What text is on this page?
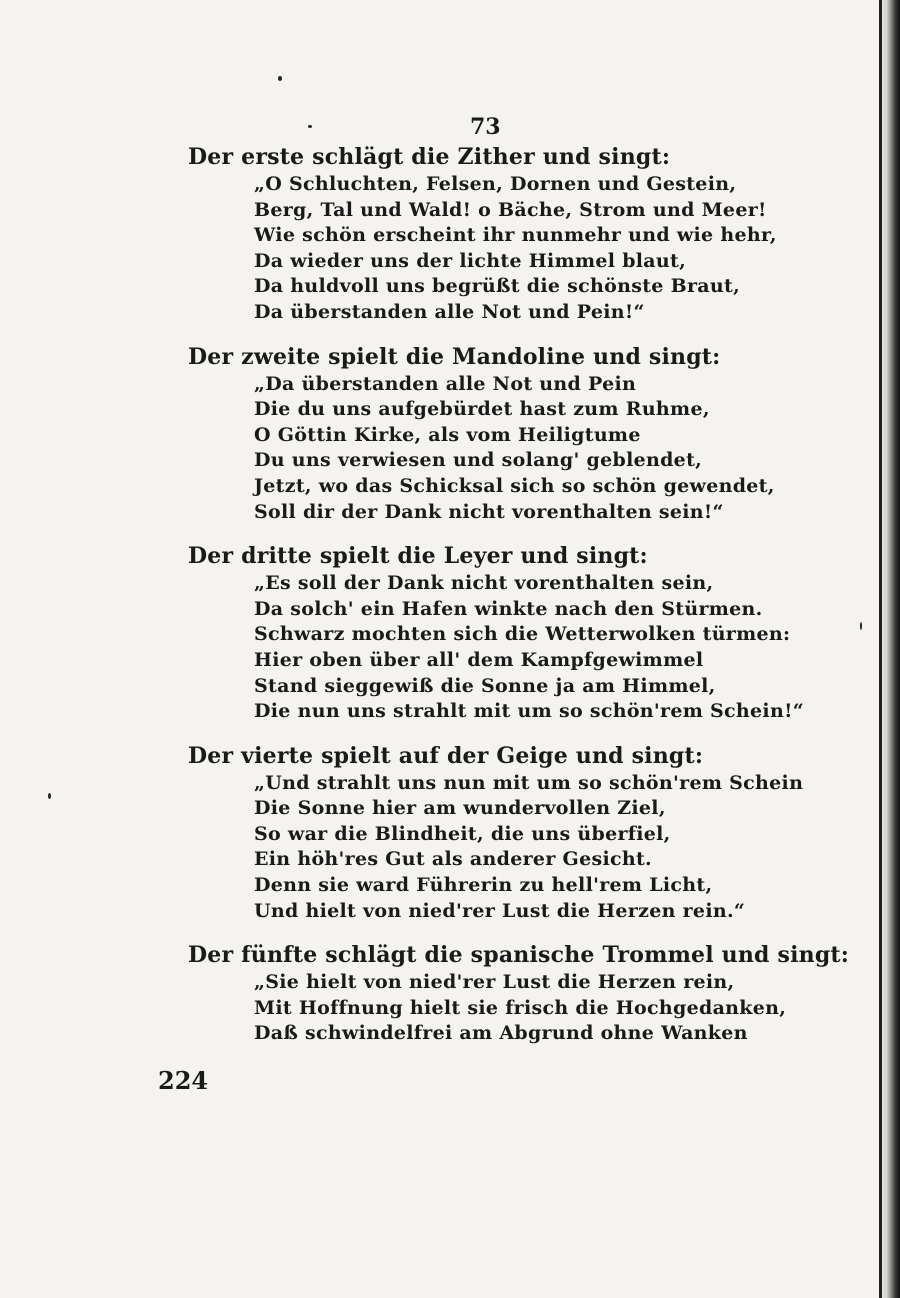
73
Der erste schlägt die Zither und singt:
„O Schluchten, Felsen, Dornen und Gestein,
Berg, Tal und Wald! o Bäche, Strom und Meer!
Wie schön erscheint ihr nunmehr und wie hehr,
Da wieder uns der lichte Himmel blaut,
Da huldvoll uns begrüßt die schönste Braut,
Da überstanden alle Not und Pein!“
Der zweite spielt die Mandoline und singt:
„Da überstanden alle Not und Pein
Die du uns aufgebürdet hast zum Ruhme,
O Göttin Kirke, als vom Heiligtume
Du uns verwiesen und solang' geblendet,
Jetzt, wo das Schicksal sich so schön gewendet,
Soll dir der Dank nicht vorenthalten sein!“
Der dritte spielt die Leyer und singt:
„Es soll der Dank nicht vorenthalten sein,
Da solch' ein Hafen winkte nach den Stürmen.
Schwarz mochten sich die Wetterwolken türmen:
Hier oben über all' dem Kampfgewimmel
Stand sieggewiß die Sonne ja am Himmel,
Die nun uns strahlt mit um so schön'rem Schein!“
Der vierte spielt auf der Geige und singt:
„Und strahlt uns nun mit um so schön'rem Schein
Die Sonne hier am wundervollen Ziel,
So war die Blindheit, die uns überfiel,
Ein höh'res Gut als anderer Gesicht.
Denn sie ward Führerin zu hell'rem Licht,
Und hielt von nied'rer Lust die Herzen rein.“
Der fünfte schlägt die spanische Trommel und singt:
„Sie hielt von nied'rer Lust die Herzen rein,
Mit Hoffnung hielt sie frisch die Hochgedanken,
Daß schwindelfrei am Abgrund ohne Wanken
224
